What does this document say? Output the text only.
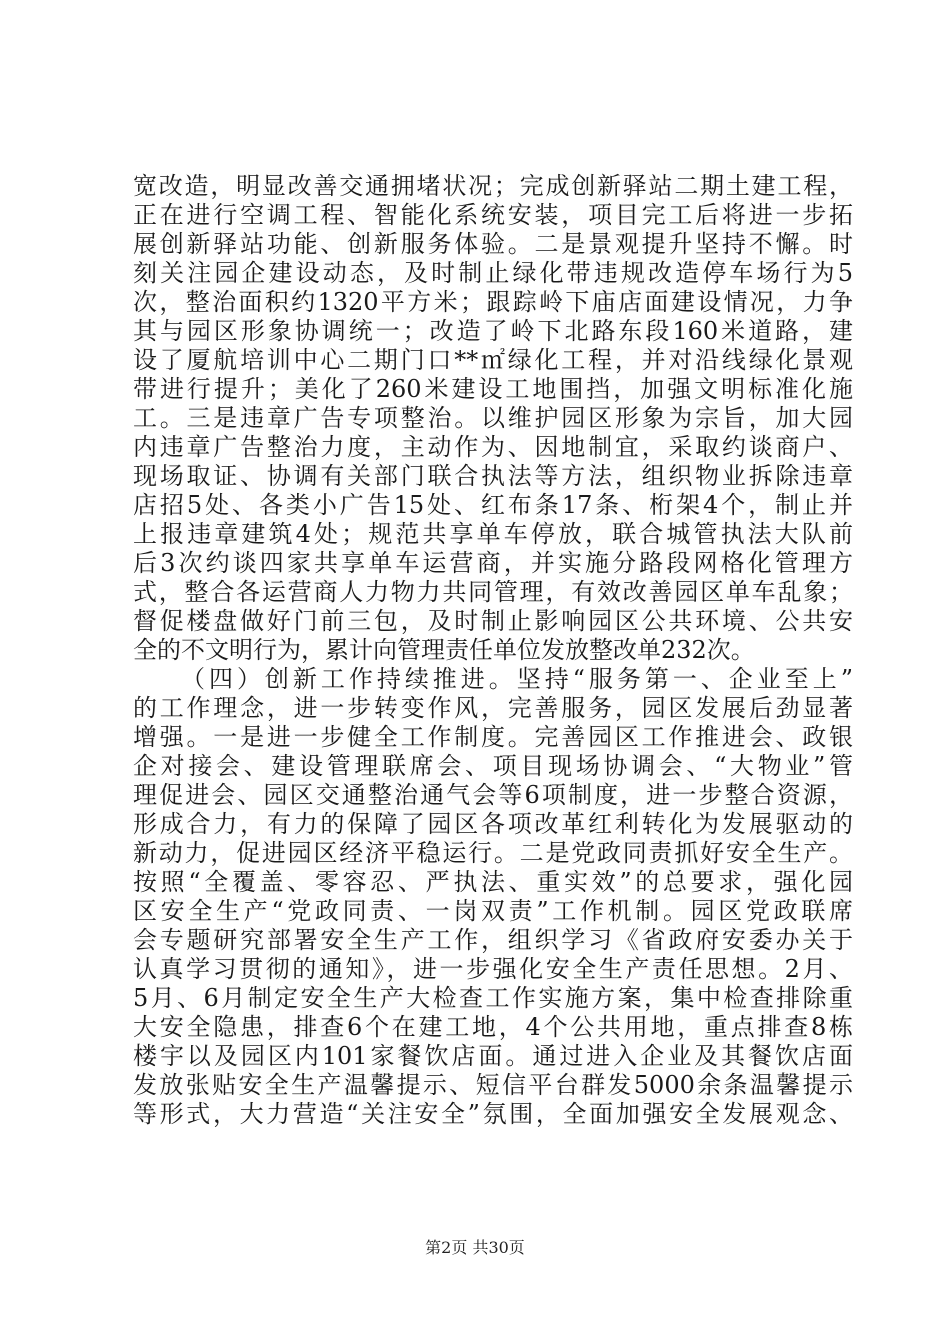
宽改造，明显改善交通拥堵状况；完成创新驿站二期土建工程，
正在进行空调工程、智能化系统安装，项目完工后将进一步拓
展创新驿站功能、创新服务体验。二是景观提升坚持不懈。时
刻关注园企建设动态，及时制止绿化带违规改造停车场行为5
次，整治面积约1320平方米；跟踪岭下庙店面建设情况，力争
其与园区形象协调统一；改造了岭下北路东段160米道路，建
设了厦航培训中心二期门口**㎡绿化工程，并对沿线绿化景观
带进行提升；美化了260米建设工地围挡，加强文明标准化施
工。三是违章广告专项整治。以维护园区形象为宗旨，加大园
内违章广告整治力度，主动作为、因地制宜，采取约谈商户、
现场取证、协调有关部门联合执法等方法，组织物业拆除违章
店招5处、各类小广告15处、红布条17条、桁架4个，制止并
上报违章建筑4处；规范共享单车停放，联合城管执法大队前
后3次约谈四家共享单车运营商，并实施分路段网格化管理方
式，整合各运营商人力物力共同管理，有效改善园区单车乱象；
督促楼盘做好门前三包，及时制止影响园区公共环境、公共安
全的不文明行为，累计向管理责任单位发放整改单232次。
（四）创新工作持续推进。坚持“服务第一、企业至上”
的工作理念，进一步转变作风，完善服务，园区发展后劲显著
增强。一是进一步健全工作制度。完善园区工作推进会、政银
企对接会、建设管理联席会、项目现场协调会、“大物业”管
理促进会、园区交通整治通气会等6项制度，进一步整合资源，
形成合力，有力的保障了园区各项改革红利转化为发展驱动的
新动力，促进园区经济平稳运行。二是党政同责抓好安全生产。
按照“全覆盖、零容忍、严执法、重实效”的总要求，强化园
区安全生产“党政同责、一岗双责”工作机制。园区党政联席
会专题研究部署安全生产工作，组织学习《省政府安委办关于
认真学习贯彻的通知》，进一步强化安全生产责任思想。2月、
5月、6月制定安全生产大检查工作实施方案，集中检查排除重
大安全隐患，排查6个在建工地，4个公共用地，重点排查8栋
楼宇以及园区内101家餐饮店面。通过进入企业及其餐饮店面
发放张贴安全生产温馨提示、短信平台群发5000余条温馨提示
等形式，大力营造“关注安全”氛围，全面加强安全发展观念、
第2页 共30页
